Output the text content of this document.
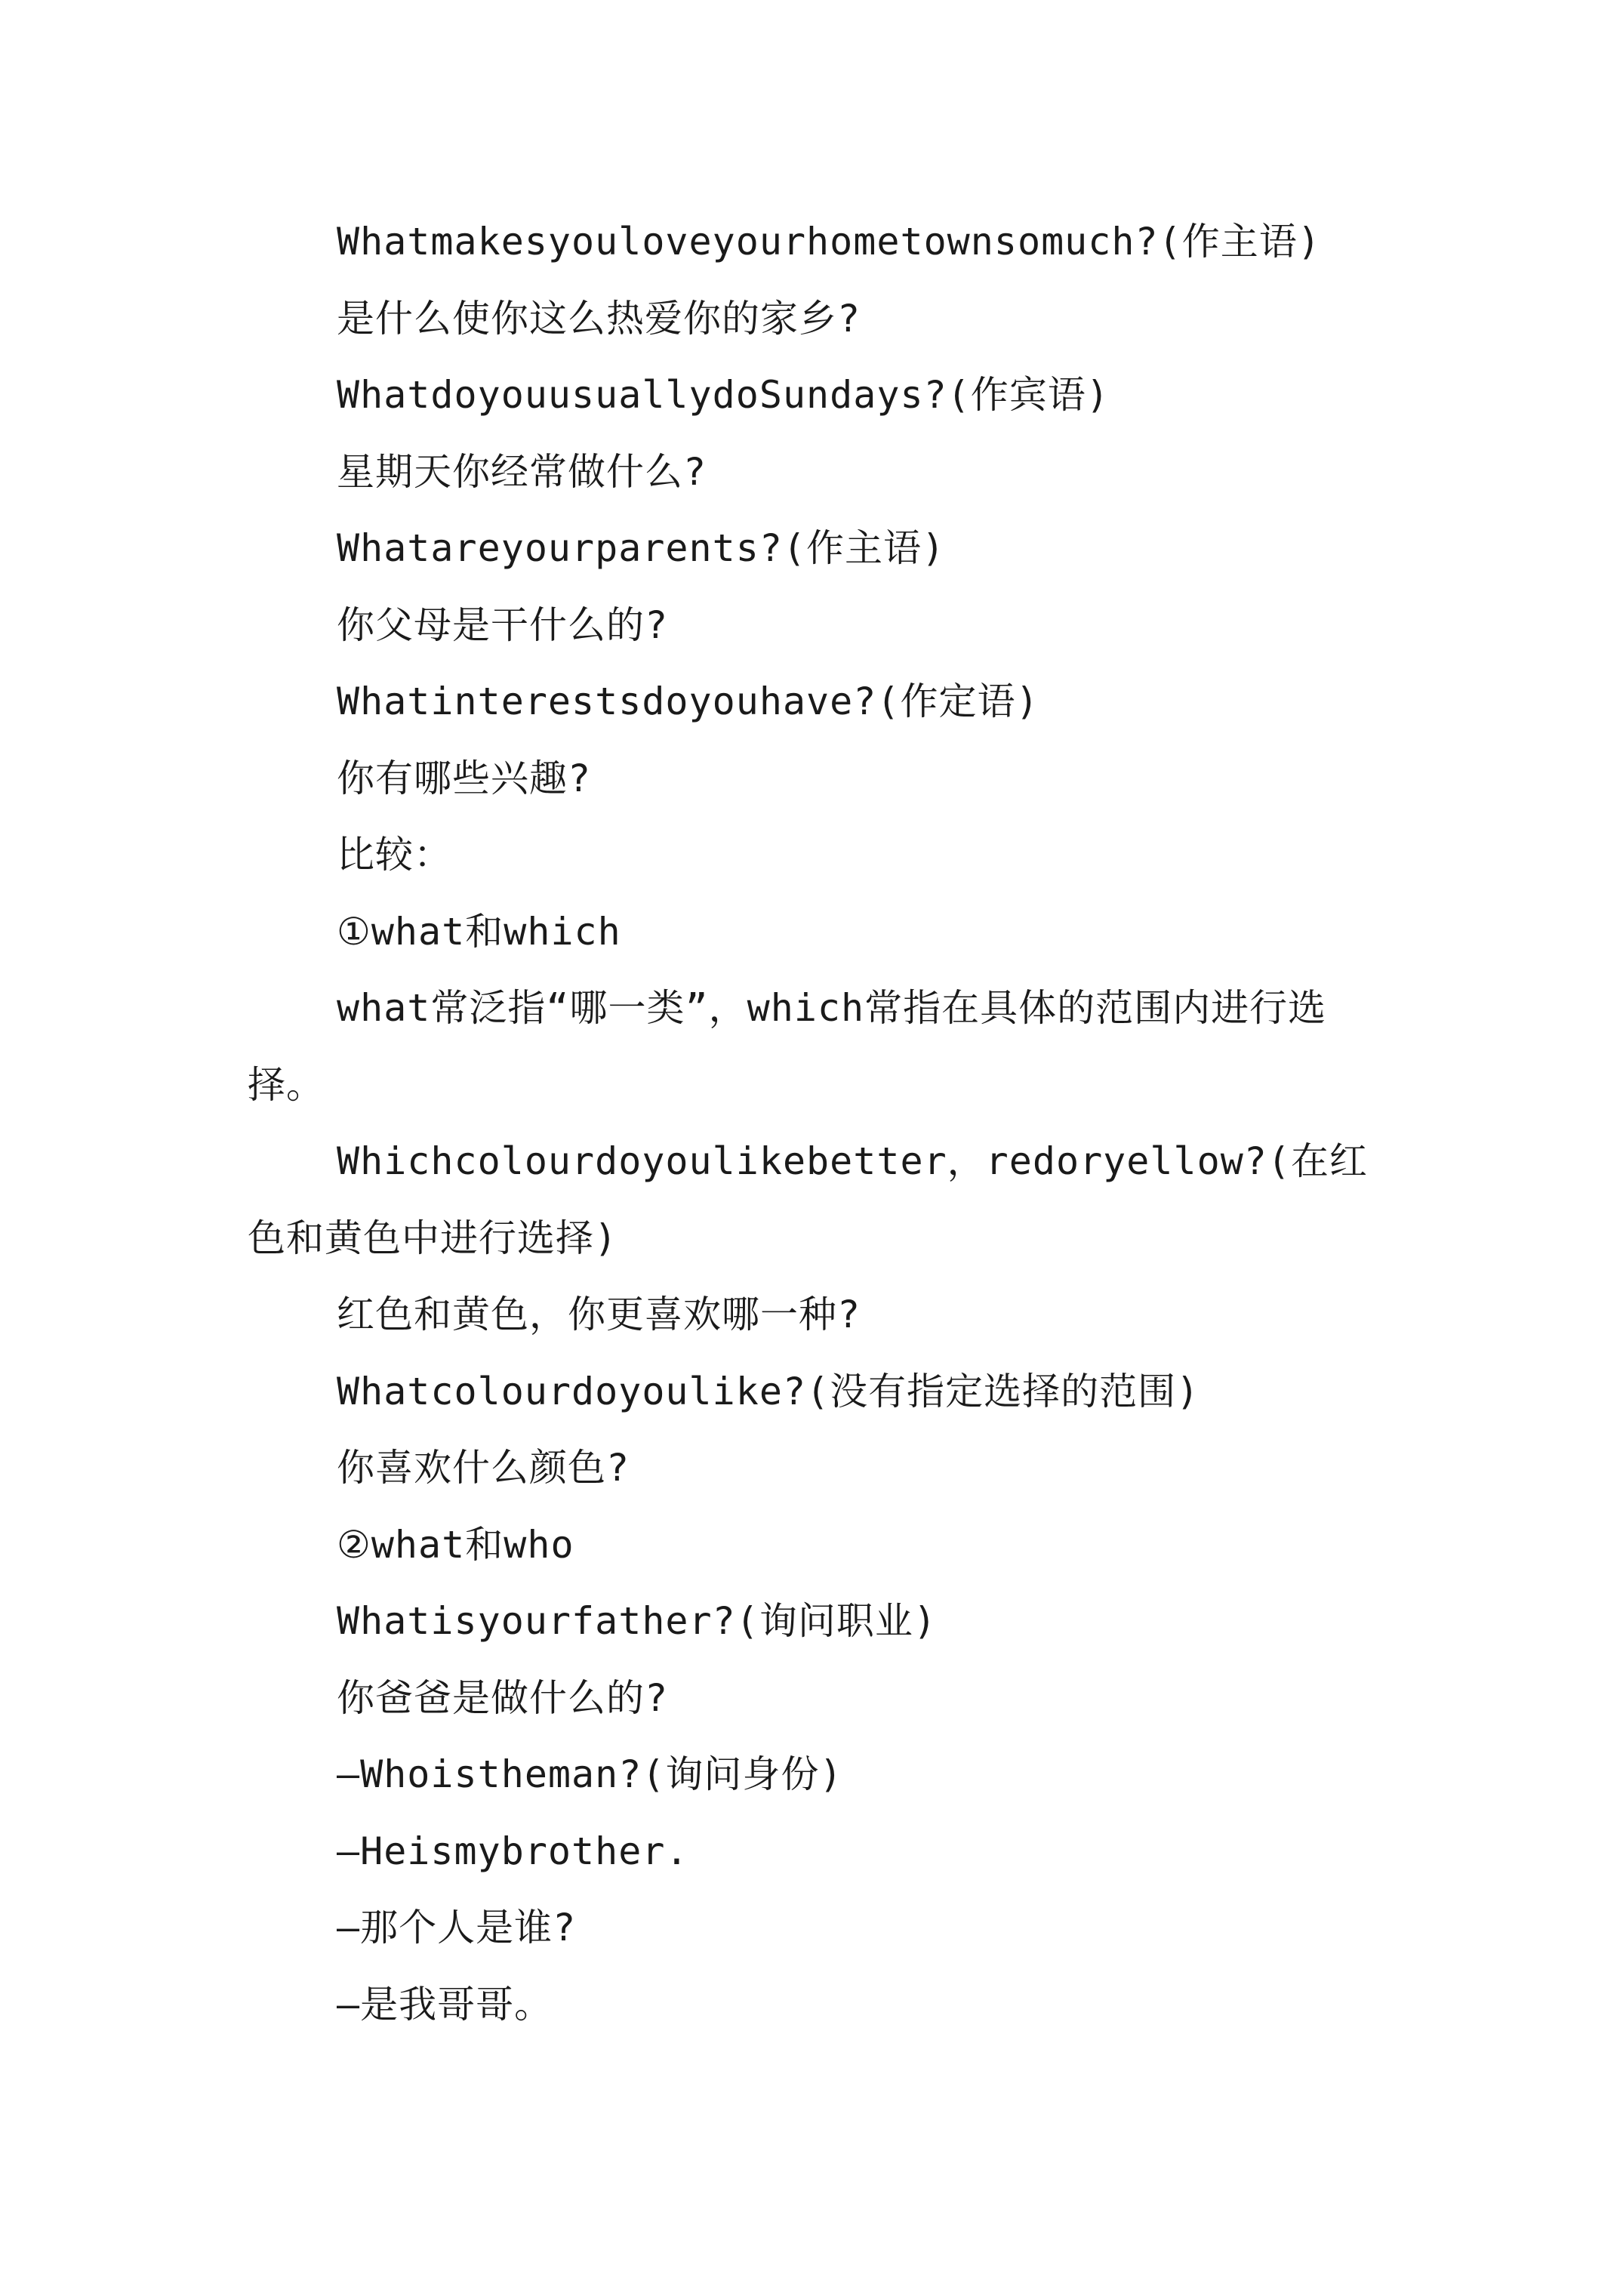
Whatmakesyouloveyourhometownsomuch?(作主语)

是什么使你这么热爱你的家乡?

WhatdoyouusuallydoSundays?(作宾语)

星期天你经常做什么?

Whatareyourparents?(作主语)

你父母是干什么的?

Whatinterestsdoyouhave?(作定语)

你有哪些兴趣?

比较：

①what和which

what常泛指“哪一类”，which常指在具体的范围内进行选择。

Whichcolourdoyoulikebetter，redoryellow?(在红色和黄色中进行选择)

红色和黄色，你更喜欢哪一种?

Whatcolourdoyoulike?(没有指定选择的范围)

你喜欢什么颜色?

②what和who

Whatisyourfather?(询问职业)

你爸爸是做什么的?

—Whoistheman?(询问身份)

—Heismybrother.

—那个人是谁?

—是我哥哥。
